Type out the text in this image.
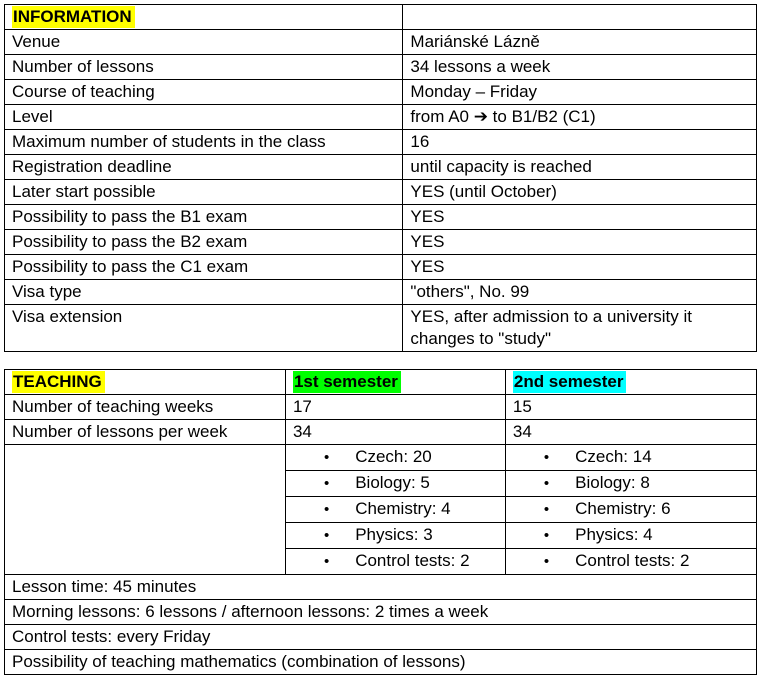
INFORMATION	
Venue	Mariánské Lázně
Number of lessons	34 lessons a week
Course of teaching	Monday – Friday
Level	from A0 ➔ to B1/B2 (C1)
Maximum number of students in the class	16
Registration deadline	until capacity is reached
Later start possible	YES (until October)
Possibility to pass the B1 exam	YES
Possibility to pass the B2 exam	YES
Possibility to pass the C1 exam	YES
Visa type	"others", No. 99
Visa extension	YES, after admission to a university it changes to "study"
TEACHING	1st semester	2nd semester
Number of teaching weeks	17	15
Number of lessons per week	34	34

	• Czech: 20	• Czech: 14

	• Biology: 5	• Biology: 8

	• Chemistry: 4	• Chemistry: 6

	• Physics: 3	• Physics: 4

	• Control tests: 2	• Control tests: 2

Lesson time: 45 minutes		
Morning lessons: 6 lessons / afternoon lessons: 2 times a week		
Control tests: every Friday		
Possibility of teaching mathematics (combination of lessons)		
